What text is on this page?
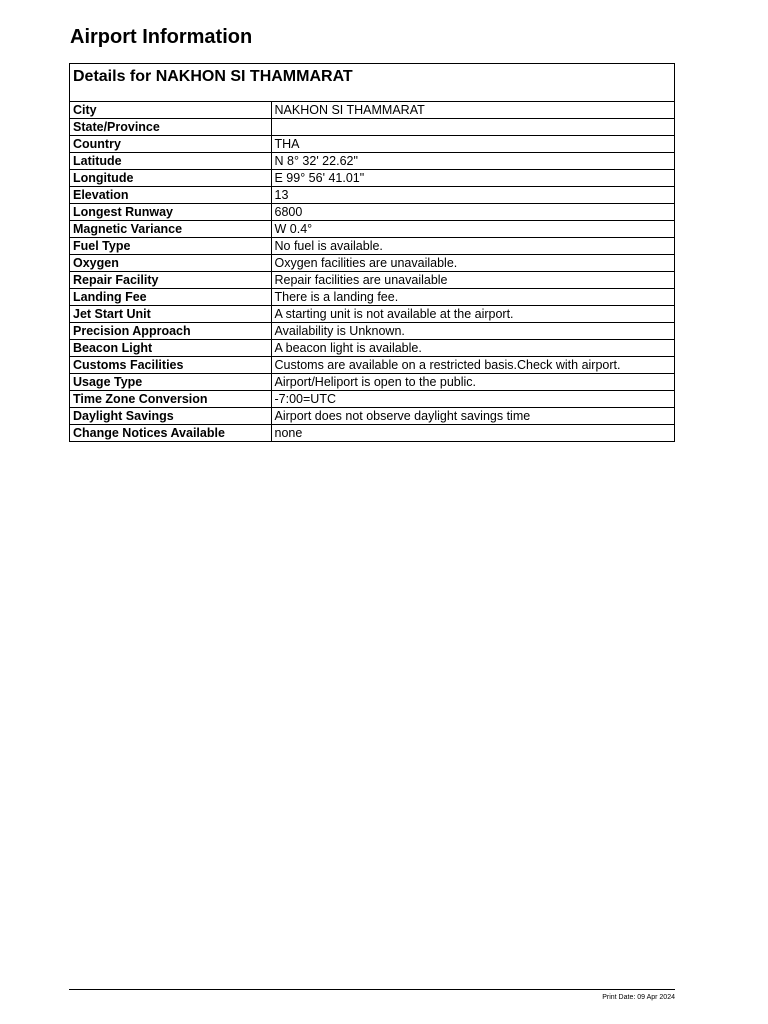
Airport Information
Details for NAKHON SI THAMMARAT
City	NAKHON SI THAMMARAT
State/Province	
Country	THA
Latitude	N 8° 32' 22.62"
Longitude	E 99° 56' 41.01"
Elevation	13
Longest Runway	6800
Magnetic Variance	W 0.4°
Fuel Type	No fuel is available.
Oxygen	Oxygen facilities are unavailable.
Repair Facility	Repair facilities are unavailable
Landing Fee	There is a landing fee.
Jet Start Unit	A starting unit is not available at the airport.
Precision Approach	Availability is Unknown.
Beacon Light	A beacon light is available.
Customs Facilities	Customs are available on a restricted basis.Check with airport.
Usage Type	Airport/Heliport is open to the public.
Time Zone Conversion	-7:00=UTC
Daylight Savings	Airport does not observe daylight savings time
Change Notices Available	none
Print Date: 09 Apr 2024
